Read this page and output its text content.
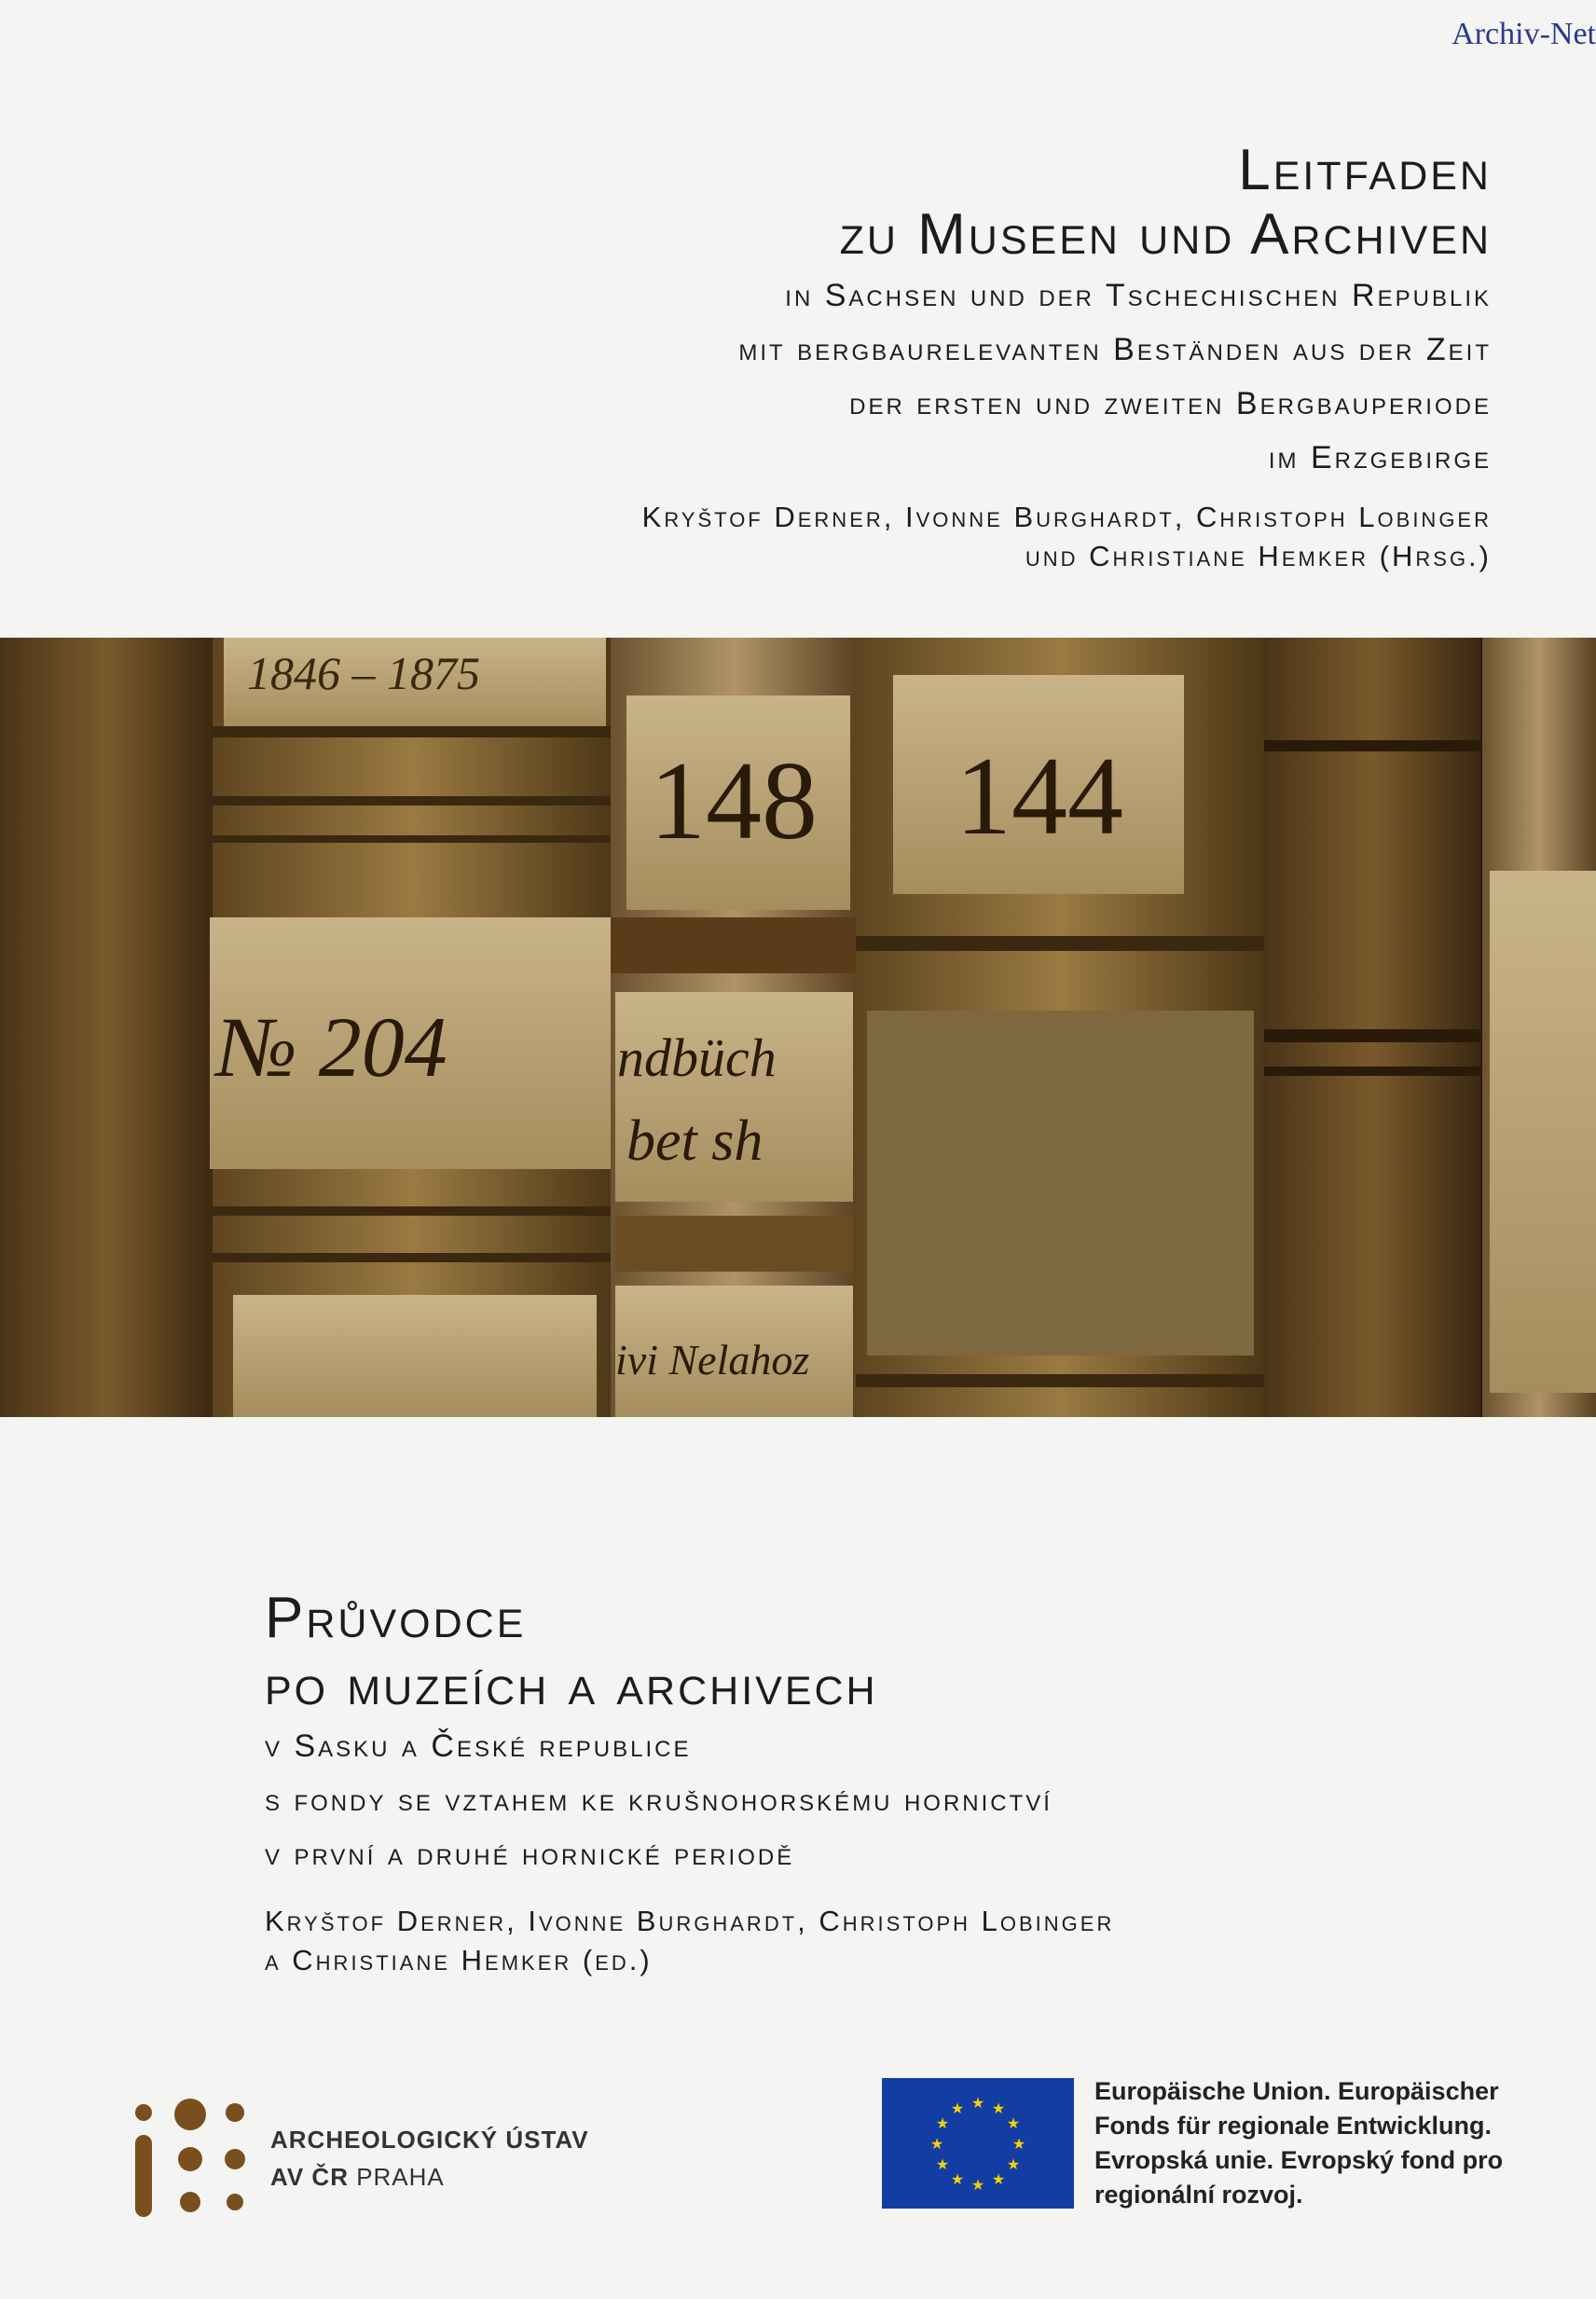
Archiv-Net
Leitfaden
zu Museen und Archiven
in Sachsen und der Tschechischen Republik
mit bergbaurelevanten Beständen aus der Zeit
der ersten und zweiten Bergbauperiode
im Erzgebirge
Kryštof Derner, Ivonne Burghardt, Christoph Lobinger
und Christiane Hemker (Hrsg.)
1846 – 1875
148 144
№ 204	ndbüch
bet sh
ivi Nelahoz
Průvodce
po muzeích a archivech
v Sasku a České republice
s fondy se vztahem ke krušnohorskému hornictví
v první a druhé hornické periodě
Kryštof Derner, Ivonne Burghardt, Christoph Lobinger
a Christiane Hemker (ed.)
ARCHEOLOGICKÝ ÚSTAV
AV ČR PRAHA
★ ★
★
★
★
★
★
★
★
★
★
★
Europäische Union. Europäischer
Fonds für regionale Entwicklung.
Evropská unie. Evropský fond pro
regionální rozvoj.
